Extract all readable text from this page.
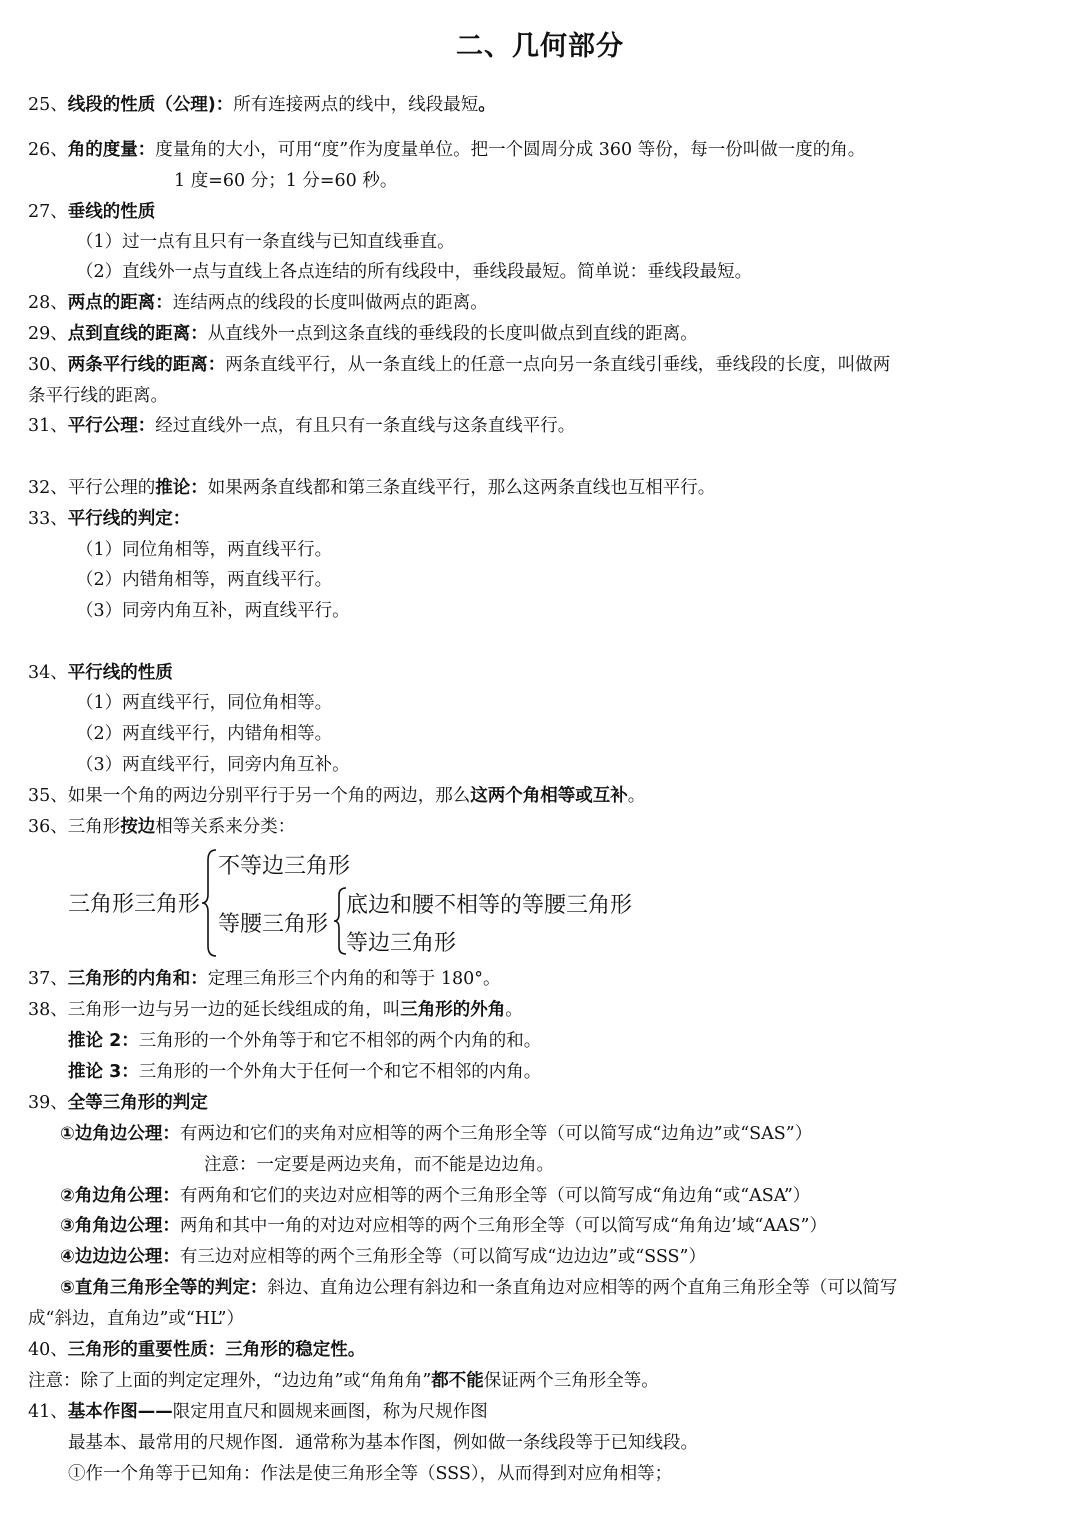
二、几何部分
25、线段的性质（公理)：所有连接两点的线中，线段最短。
26、角的度量：度量角的大小，可用“度”作为度量单位。把一个圆周分成 360 等份，每一份叫做一度的角。
1 度=60 分；1 分=60 秒。
27、垂线的性质
（1）过一点有且只有一条直线与已知直线垂直。
（2）直线外一点与直线上各点连结的所有线段中，垂线段最短。简单说：垂线段最短。
28、两点的距离：连结两点的线段的长度叫做两点的距离。
29、点到直线的距离：从直线外一点到这条直线的垂线段的长度叫做点到直线的距离。
30、两条平行线的距离：两条直线平行，从一条直线上的任意一点向另一条直线引垂线，垂线段的长度，叫做两
条平行线的距离。
31、平行公理：经过直线外一点，有且只有一条直线与这条直线平行。
32、平行公理的推论：如果两条直线都和第三条直线平行，那么这两条直线也互相平行。
33、平行线的判定：
（1）同位角相等，两直线平行。
（2）内错角相等，两直线平行。
（3）同旁内角互补，两直线平行。
34、平行线的性质
（1）两直线平行，同位角相等。
（2）两直线平行，内错角相等。
（3）两直线平行，同旁内角互补。
35、如果一个角的两边分别平行于另一个角的两边，那么这两个角相等或互补。
36、三角形按边相等关系来分类：
三角形三角形
不等边三角形
等腰三角形
底边和腰不相等的等腰三角形
等边三角形
37、三角形的内角和：定理三角形三个内角的和等于 180°。
38、三角形一边与另一边的延长线组成的角，叫三角形的外角。
推论 2：三角形的一个外角等于和它不相邻的两个内角的和。
推论 3：三角形的一个外角大于任何一个和它不相邻的内角。
39、全等三角形的判定
①边角边公理：有两边和它们的夹角对应相等的两个三角形全等（可以简写成“边角边”或“SAS”）
注意：一定要是两边夹角，而不能是边边角。
②角边角公理：有两角和它们的夹边对应相等的两个三角形全等（可以简写成“角边角“或“ASA”）
③角角边公理：两角和其中一角的对边对应相等的两个三角形全等（可以简写成“角角边’域“AAS”）
④边边边公理：有三边对应相等的两个三角形全等（可以简写成“边边边”或“SSS”）
⑤直角三角形全等的判定：斜边、直角边公理有斜边和一条直角边对应相等的两个直角三角形全等（可以简写
成“斜边，直角边”或“HL”）
40、三角形的重要性质：三角形的稳定性。
注意：除了上面的判定定理外，“边边角”或“角角角”都不能保证两个三角形全等。
41、基本作图——限定用直尺和圆规来画图，称为尺规作图
最基本、最常用的尺规作图．通常称为基本作图，例如做一条线段等于已知线段。
①作一个角等于已知角：作法是使三角形全等（SSS），从而得到对应角相等；
